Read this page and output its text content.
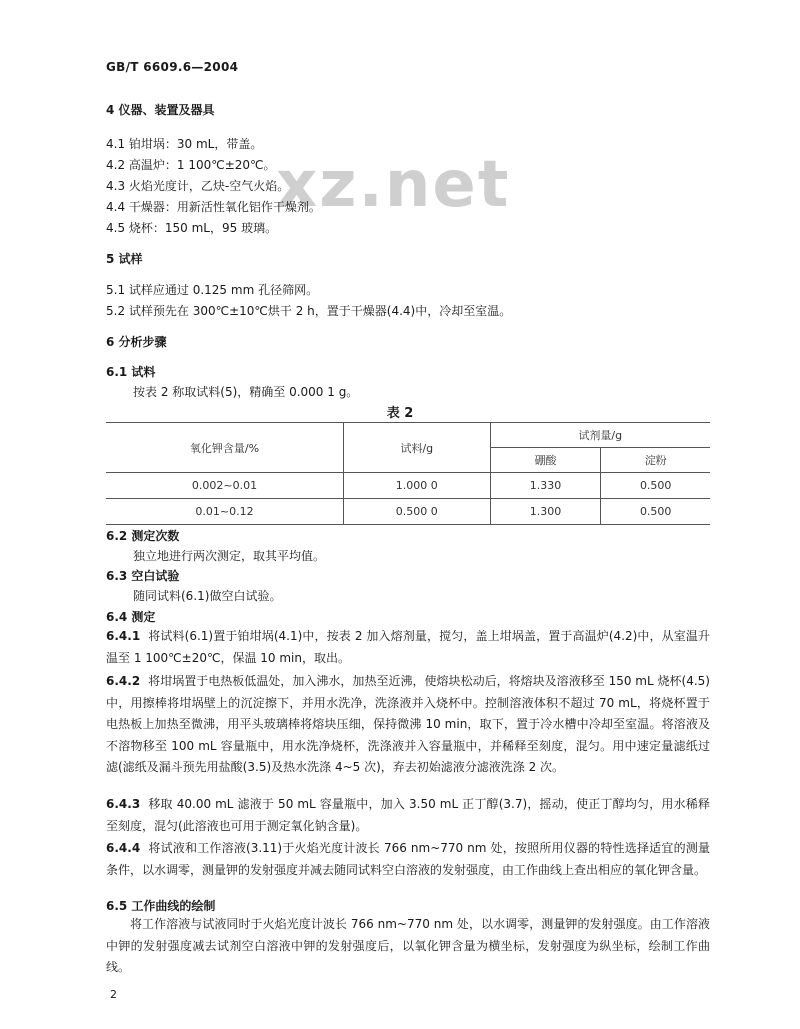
GB/T 6609.6—2004
xz.net
4 仪器、装置及器具
4.1 铂坩埚：30 mL，带盖。
4.2 高温炉：1 100℃±20℃。
4.3 火焰光度计，乙炔-空气火焰。
4.4 干燥器：用新活性氧化铝作干燥剂。
4.5 烧杯：150 mL，95 玻璃。
5 试样
5.1 试样应通过 0.125 mm 孔径筛网。
5.2 试样预先在 300℃±10℃烘干 2 h，置于干燥器(4.4)中，冷却至室温。
6 分析步骤
6.1 试料
按表 2 称取试料(5)，精确至 0.000 1 g。
表 2
氧化钾含量/%	试料/g	试剂量/g	
		硼酸	淀粉
0.002~0.01	1.000 0	1.330	0.500
0.01~0.12	0.500 0	1.300	0.500
6.2 测定次数
独立地进行两次测定，取其平均值。
6.3 空白试验
随同试料(6.1)做空白试验。
6.4 测定
6.4.1 将试料(6.1)置于铂坩埚(4.1)中，按表 2 加入熔剂量，搅匀，盖上坩埚盖，置于高温炉(4.2)中，从室温升温至 1 100℃±20℃，保温 10 min，取出。
6.4.2 将坩埚置于电热板低温处，加入沸水，加热至近沸，使熔块松动后，将熔块及溶液移至 150 mL 烧杯(4.5)中，用擦棒将坩埚壁上的沉淀擦下，并用水洗净，洗涤液并入烧杯中。控制溶液体积不超过 70 mL，将烧杯置于电热板上加热至微沸，用平头玻璃棒将熔块压细，保持微沸 10 min，取下，置于冷水槽中冷却至室温。将溶液及不溶物移至 100 mL 容量瓶中，用水洗净烧杯，洗涤液并入容量瓶中，并稀释至刻度，混匀。用中速定量滤纸过滤(滤纸及漏斗预先用盐酸(3.5)及热水洗涤 4~5 次)，弃去初始滤液分滤液洗涤 2 次。
6.4.3 移取 40.00 mL 滤液于 50 mL 容量瓶中，加入 3.50 mL 正丁醇(3.7)，摇动，使正丁醇均匀，用水稀释至刻度，混匀(此溶液也可用于测定氧化钠含量)。
6.4.4 将试液和工作溶液(3.11)于火焰光度计波长 766 nm~770 nm 处，按照所用仪器的特性选择适宜的测量条件，以水调零，测量钾的发射强度并减去随同试料空白溶液的发射强度，由工作曲线上查出相应的氧化钾含量。
6.5 工作曲线的绘制
将工作溶液与试液同时于火焰光度计波长 766 nm~770 nm 处，以水调零，测量钾的发射强度。由工作溶液中钾的发射强度减去试剂空白溶液中钾的发射强度后，以氧化钾含量为横坐标，发射强度为纵坐标，绘制工作曲线。
2
